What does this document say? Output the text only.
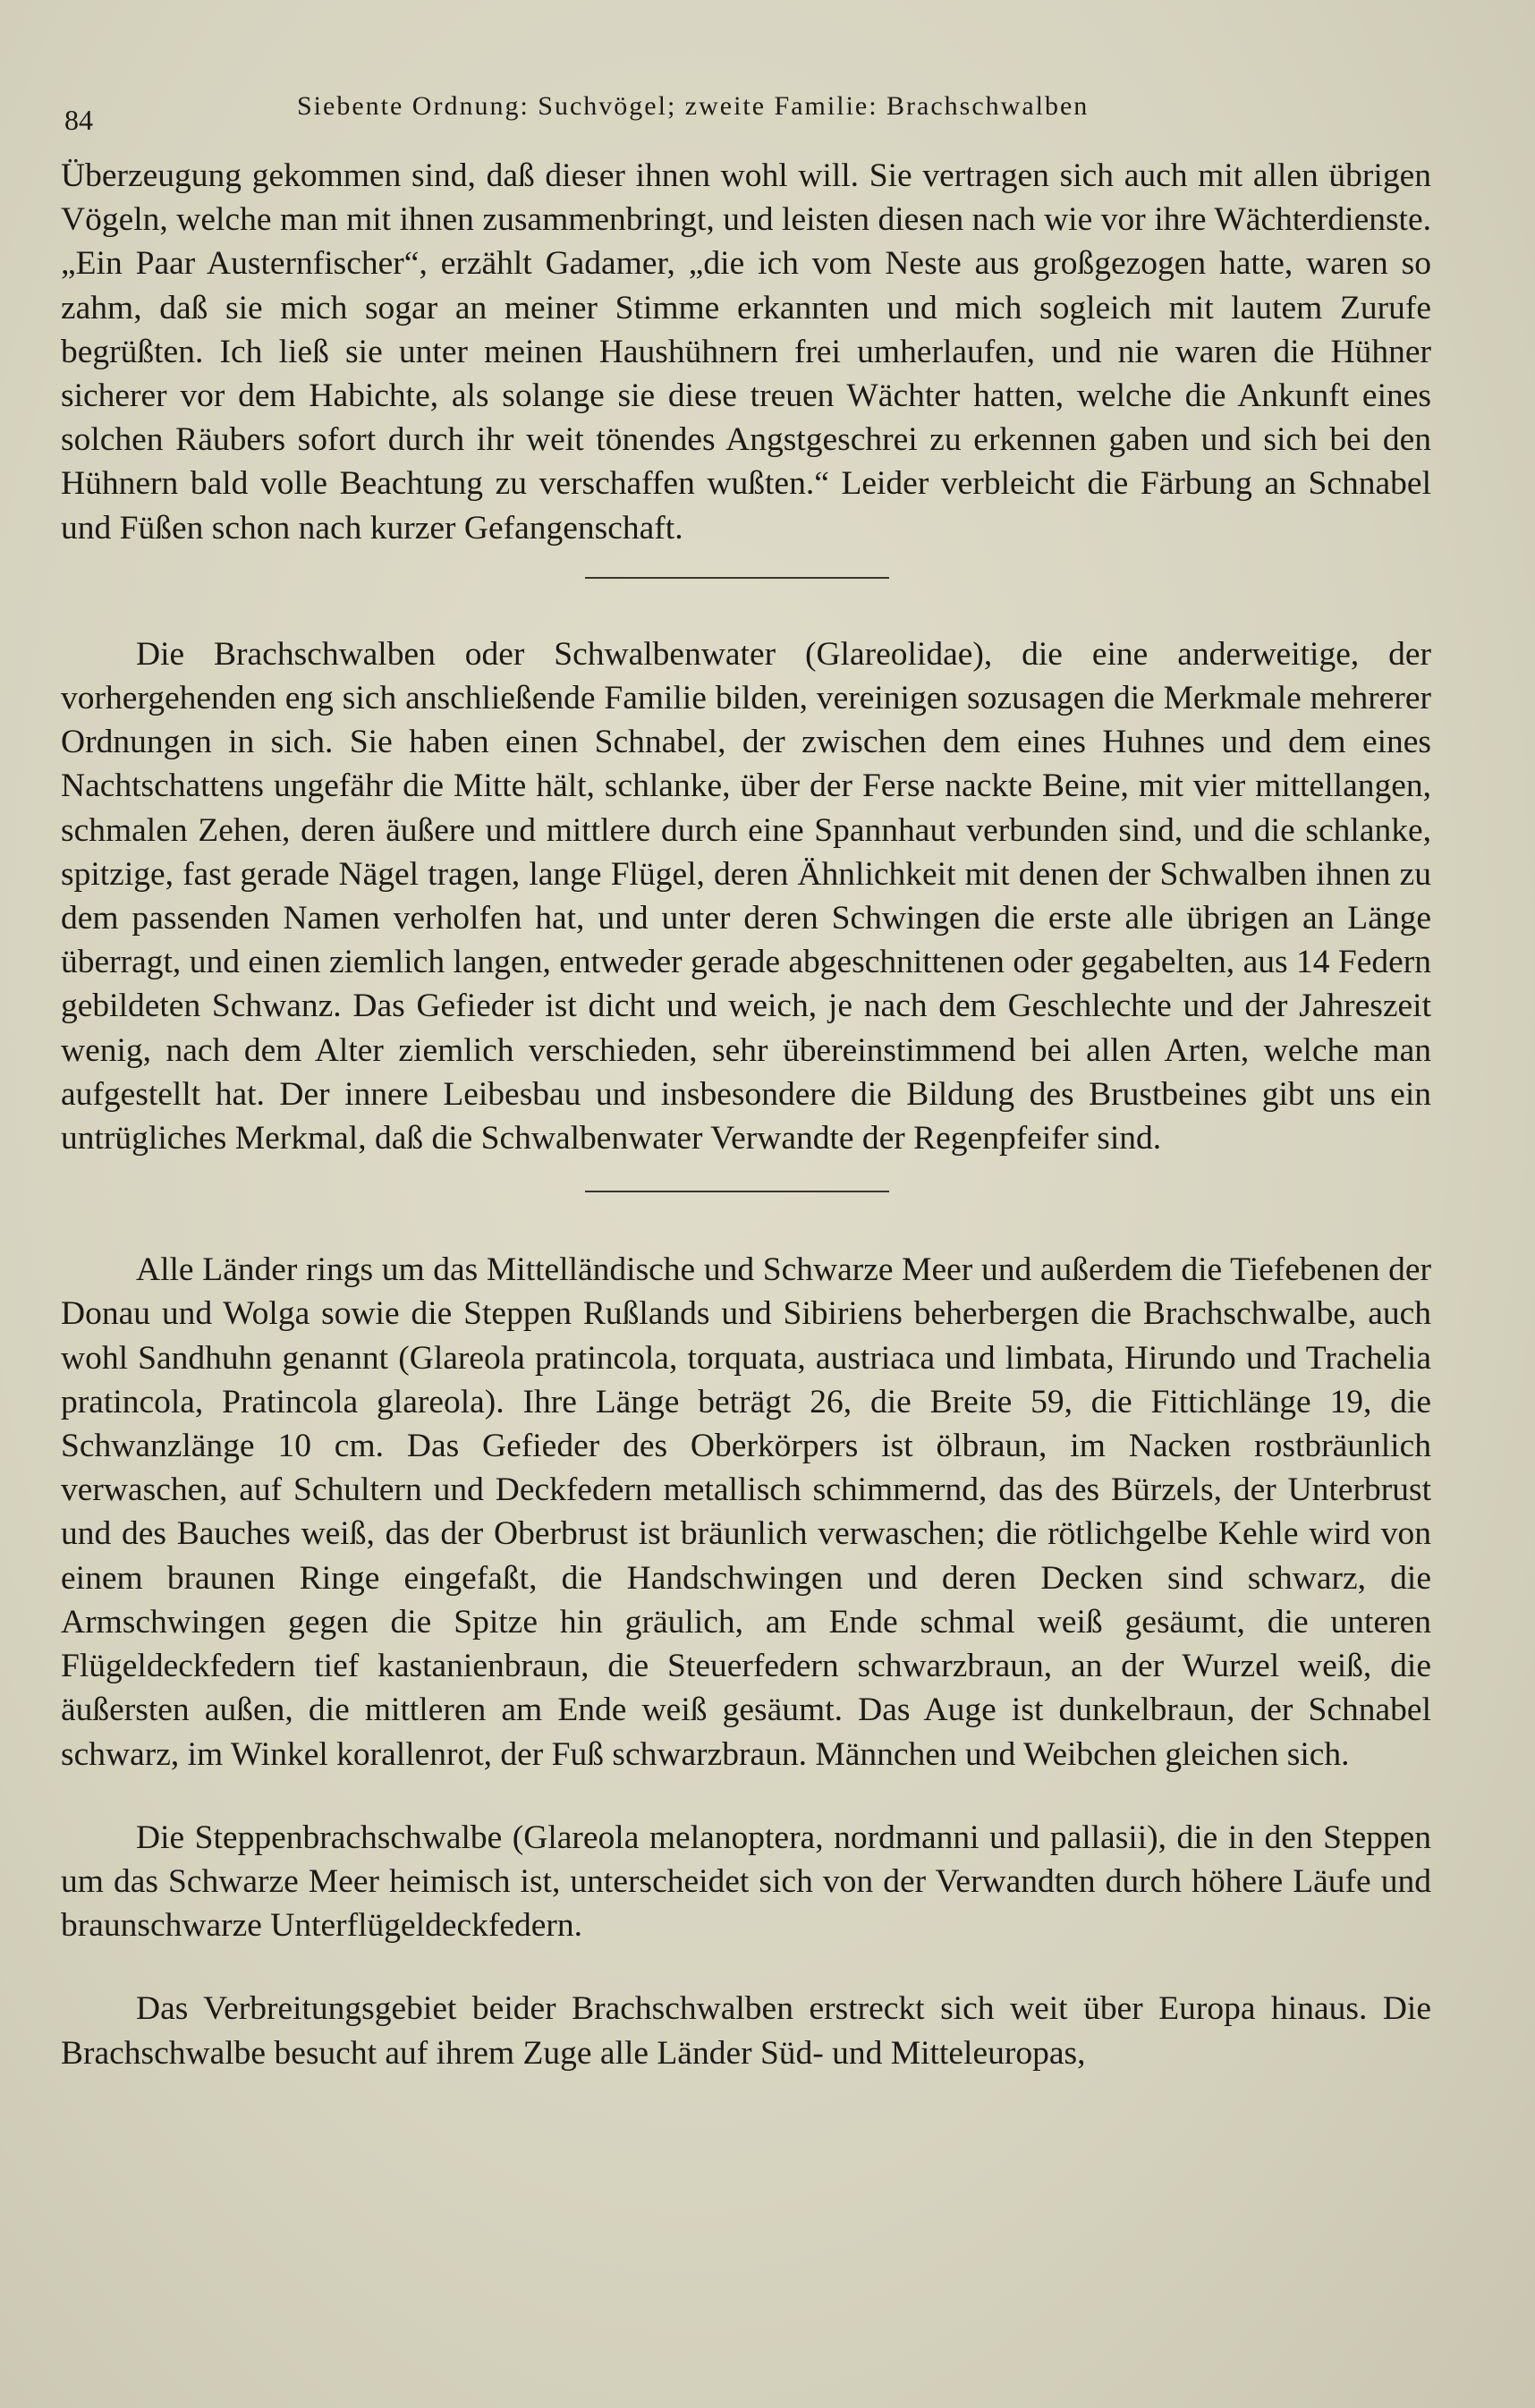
84	Siebente Ordnung: Suchvögel; zweite Familie: Brachschwalben

Überzeugung gekommen sind, daß dieser ihnen wohl will. Sie vertragen sich auch mit allen übrigen Vögeln, welche man mit ihnen zusammenbringt, und leisten diesen nach wie vor ihre Wächterdienste. „Ein Paar Austernfischer“, erzählt Gadamer, „die ich vom Neste aus großgezogen hatte, waren so zahm, daß sie mich sogar an meiner Stimme erkannten und mich sogleich mit lautem Zurufe begrüßten. Ich ließ sie unter meinen Haushühnern frei umherlaufen, und nie waren die Hühner sicherer vor dem Habichte, als solange sie diese treuen Wächter hatten, welche die Ankunft eines solchen Räubers sofort durch ihr weit tönendes Angstgeschrei zu erkennen gaben und sich bei den Hühnern bald volle Beachtung zu verschaffen wußten.“ Leider verbleicht die Färbung an Schnabel und Füßen schon nach kurzer Gefangenschaft.

Die Brachschwalben oder Schwalbenwater (Glareolidae), die eine anderweitige, der vorhergehenden eng sich anschließende Familie bilden, vereinigen sozusagen die Merkmale mehrerer Ordnungen in sich. Sie haben einen Schnabel, der zwischen dem eines Huhnes und dem eines Nachtschattens ungefähr die Mitte hält, schlanke, über der Ferse nackte Beine, mit vier mittellangen, schmalen Zehen, deren äußere und mittlere durch eine Spannhaut verbunden sind, und die schlanke, spitzige, fast gerade Nägel tragen, lange Flügel, deren Ähnlichkeit mit denen der Schwalben ihnen zu dem passenden Namen verholfen hat, und unter deren Schwingen die erste alle übrigen an Länge überragt, und einen ziemlich langen, entweder gerade abgeschnittenen oder gegabelten, aus 14 Federn gebildeten Schwanz. Das Gefieder ist dicht und weich, je nach dem Geschlechte und der Jahreszeit wenig, nach dem Alter ziemlich verschieden, sehr übereinstimmend bei allen Arten, welche man aufgestellt hat. Der innere Leibesbau und insbesondere die Bildung des Brustbeines gibt uns ein untrügliches Merkmal, daß die Schwalbenwater Verwandte der Regenpfeifer sind.

Alle Länder rings um das Mittelländische und Schwarze Meer und außerdem die Tiefebenen der Donau und Wolga sowie die Steppen Rußlands und Sibiriens beherbergen die Brachschwalbe, auch wohl Sandhuhn genannt (Glareola pratincola, torquata, austriaca und limbata, Hirundo und Trachelia pratincola, Pratincola glareola). Ihre Länge beträgt 26, die Breite 59, die Fittichlänge 19, die Schwanzlänge 10 cm. Das Gefieder des Oberkörpers ist ölbraun, im Nacken rostbräunlich verwaschen, auf Schultern und Deckfedern metallisch schimmernd, das des Bürzels, der Unterbrust und des Bauches weiß, das der Oberbrust ist bräunlich verwaschen; die rötlichgelbe Kehle wird von einem braunen Ringe eingefaßt, die Handschwingen und deren Decken sind schwarz, die Armschwingen gegen die Spitze hin gräulich, am Ende schmal weiß gesäumt, die unteren Flügeldeckfedern tief kastanienbraun, die Steuerfedern schwarzbraun, an der Wurzel weiß, die äußersten außen, die mittleren am Ende weiß gesäumt. Das Auge ist dunkelbraun, der Schnabel schwarz, im Winkel korallenrot, der Fuß schwarzbraun. Männchen und Weibchen gleichen sich.

Die Steppenbrachschwalbe (Glareola melanoptera, nordmanni und pallasii), die in den Steppen um das Schwarze Meer heimisch ist, unterscheidet sich von der Verwandten durch höhere Läufe und braunschwarze Unterflügeldeckfedern.

Das Verbreitungsgebiet beider Brachschwalben erstreckt sich weit über Europa hinaus. Die Brachschwalbe besucht auf ihrem Zuge alle Länder Süd- und Mitteleuropas,
